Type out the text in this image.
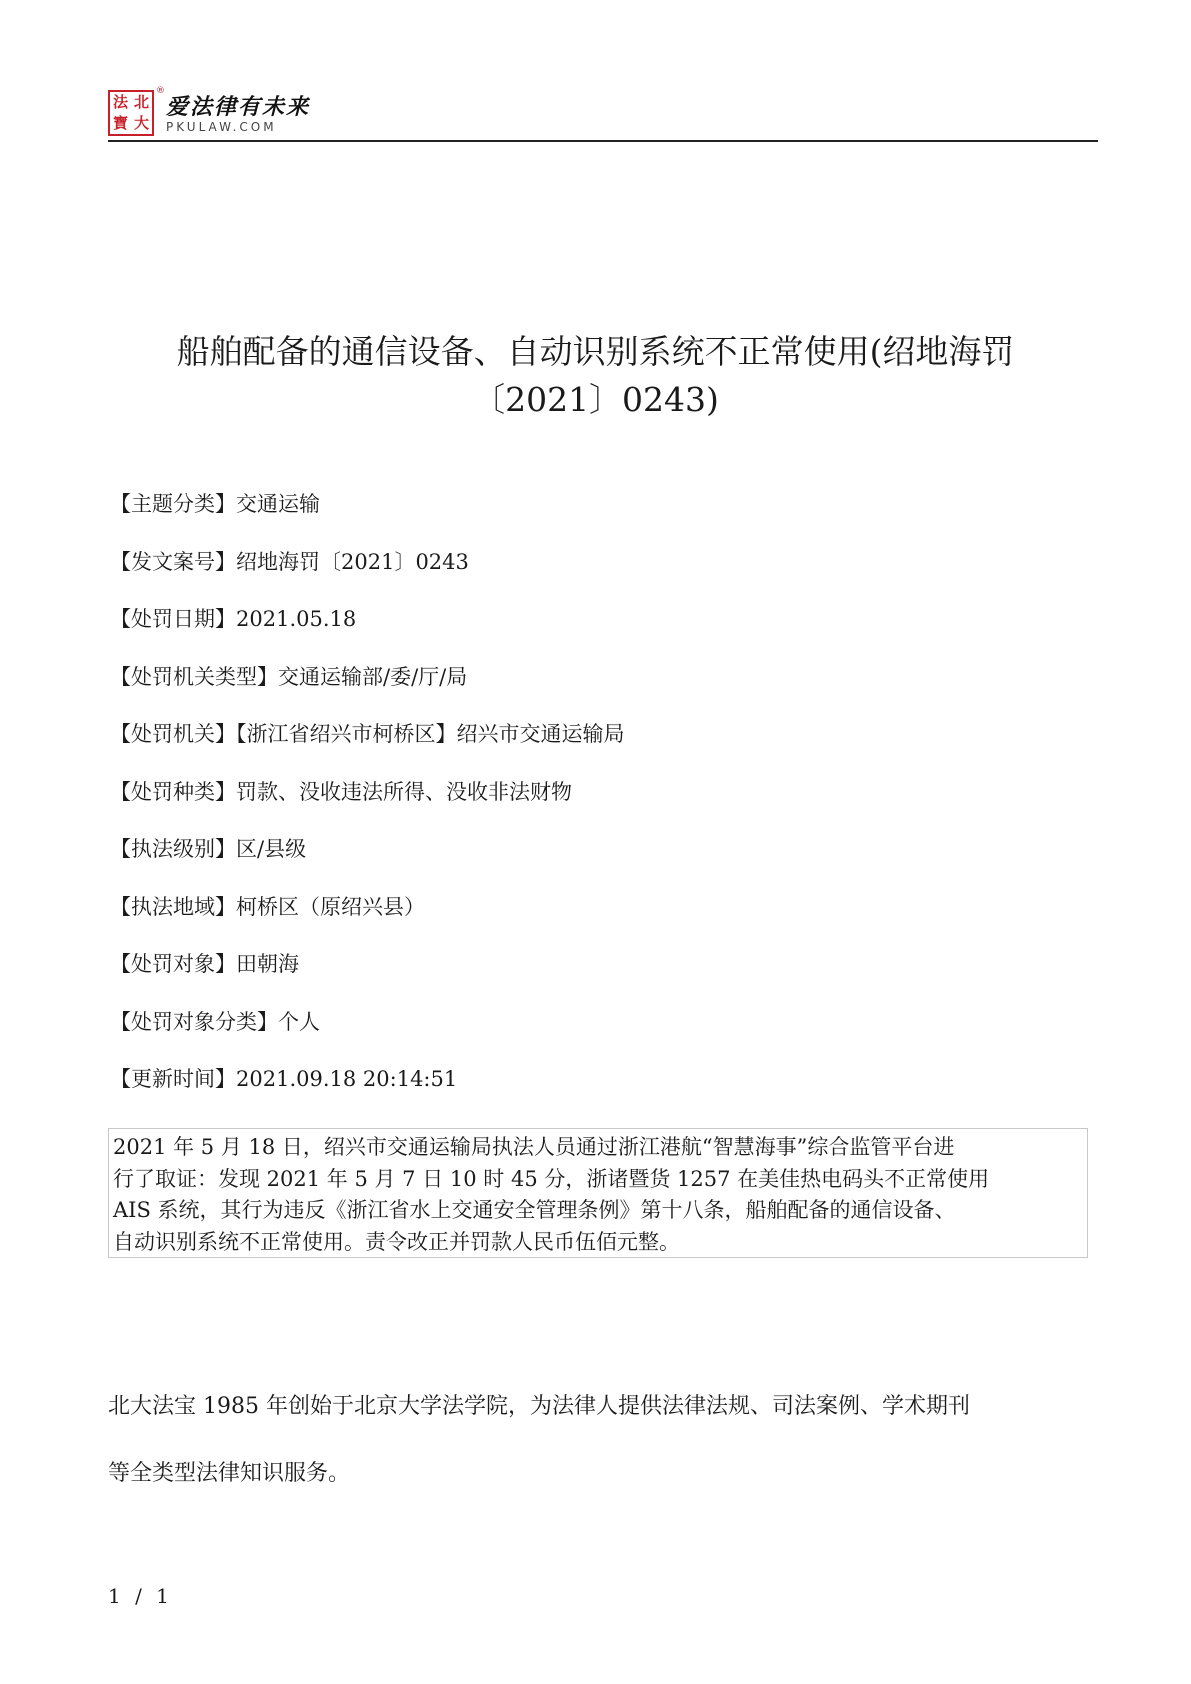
法 北
寶 大
®
爱法律有未来
PKULAW.COM
船舶配备的通信设备、自动识别系统不正常使用(绍地海罚
〔2021〕0243)
【主题分类】交通运输
【发文案号】绍地海罚〔2021〕0243
【处罚日期】2021.05.18
【处罚机关类型】交通运输部/委/厅/局
【处罚机关】【浙江省绍兴市柯桥区】绍兴市交通运输局
【处罚种类】罚款、没收违法所得、没收非法财物
【执法级别】区/县级
【执法地域】柯桥区（原绍兴县）
【处罚对象】田朝海
【处罚对象分类】个人
【更新时间】2021.09.18 20:14:51
2021 年 5 月 18 日，绍兴市交通运输局执法人员通过浙江港航“智慧海事”综合监管平台进
行了取证：发现 2021 年 5 月 7 日 10 时 45 分，浙诸暨货 1257 在美佳热电码头不正常使用
AIS 系统，其行为违反《浙江省水上交通安全管理条例》第十八条，船舶配备的通信设备、
自动识别系统不正常使用。责令改正并罚款人民币伍佰元整。
北大法宝 1985 年创始于北京大学法学院，为法律人提供法律法规、司法案例、学术期刊
等全类型法律知识服务。
1 / 1
